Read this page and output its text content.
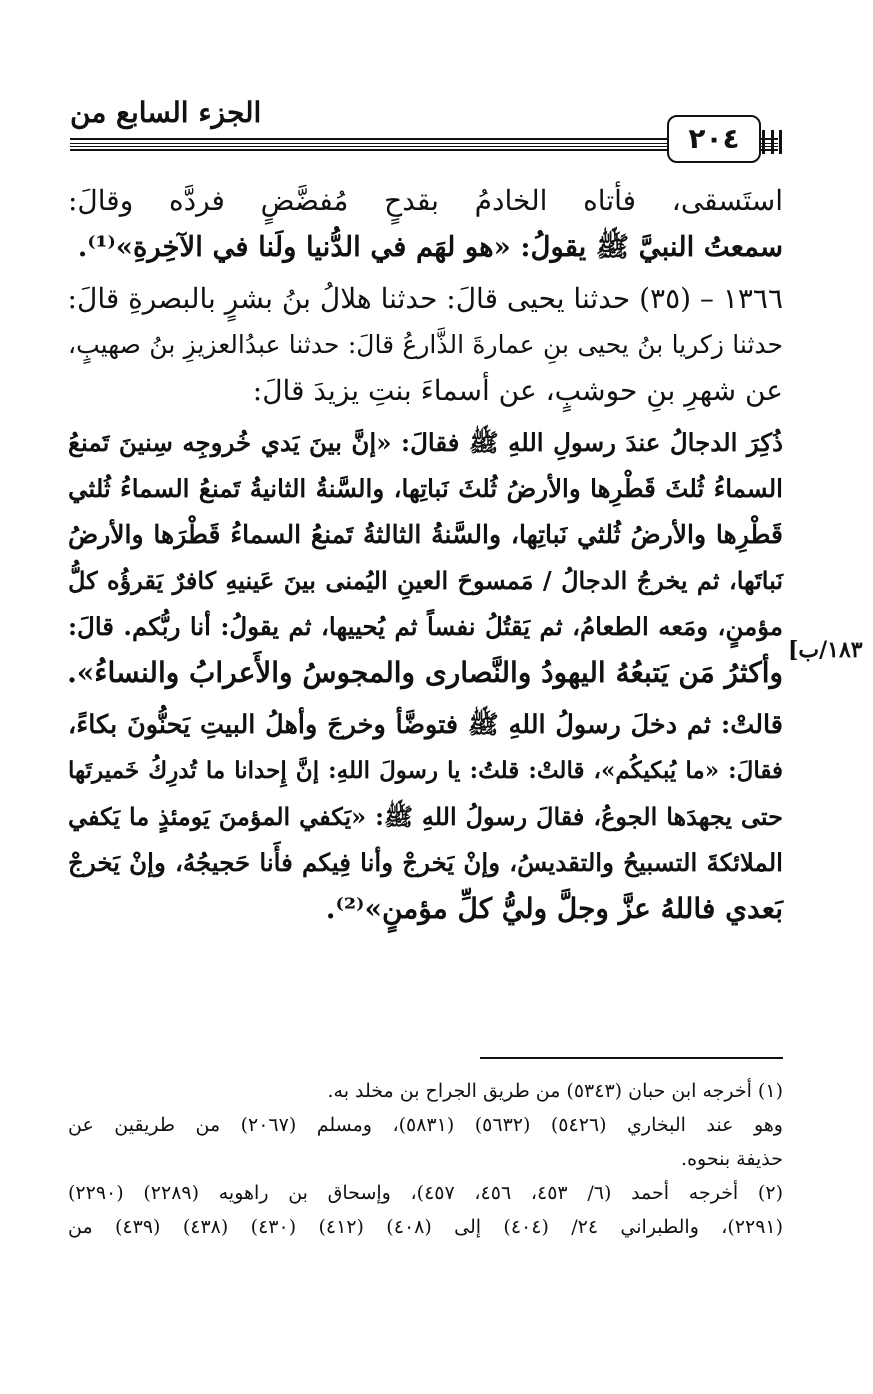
الجزء السابع من
٢٠٤

استَسقى، فأتاه الخادمُ بقدحٍ مُفضَّضٍ فردَّه وقالَ:
سمعتُ النبيَّ ﷺ يقولُ: «هو لهَم في الدُّنيا ولَنا في الآخِرةِ»⁽¹⁾.

١٣٦٦ – (٣٥) حدثنا يحيى قالَ: حدثنا هلالُ بنُ بشرٍ بالبصرةِ قالَ:
حدثنا زكريا بنُ يحيى بنِ عمارةَ الذَّارعُ قالَ: حدثنا عبدُالعزيزِ بنُ صهيبٍ،
عن شهرِ بنِ حوشبٍ، عن أسماءَ بنتِ يزيدَ قالَ:

ذُكِرَ الدجالُ عندَ رسولِ اللهِ ﷺ فقالَ: «إنَّ بينَ يَدي خُروجِه سِنينَ تَمنعُ
السماءُ ثُلثَ قَطْرِها والأرضُ ثُلثَ نَباتِها، والسَّنةُ الثانيةُ تَمنعُ السماءُ ثُلثي
قَطْرِها والأرضُ ثُلثي نَباتِها، والسَّنةُ الثالثةُ تَمنعُ السماءُ قَطْرَها والأرضُ
نَباتَها، ثم يخرجُ الدجالُ / مَمسوحَ العينِ اليُمنى بينَ عَينيهِ كافرٌ يَقرؤُه كلُّ
مؤمنٍ، ومَعه الطعامُ، ثم يَقتُلُ نفساً ثم يُحييها، ثم يقولُ: أنا ربُّكم. قالَ:
وأكثرُ مَن يَتبعُهُ اليهودُ والنَّصارى والمجوسُ والأَعرابُ والنساءُ».

قالتْ: ثم دخلَ رسولُ اللهِ ﷺ فتوضَّأ وخرجَ وأهلُ البيتِ يَحنُّونَ بكاءً،
فقالَ: «ما يُبكيكُم»، قالتْ: قلتُ: يا رسولَ اللهِ: إنَّ إِحدانا ما تُدرِكُ خَميرتَها
حتى يجهدَها الجوعُ، فقالَ رسولُ اللهِ ﷺ: «يَكفي المؤمنَ يَومئذٍ ما يَكفي
الملائكةَ التسبيحُ والتقديسُ، وإنْ يَخرجْ وأنا فِيكم فأَنا حَجيجُهُ، وإنْ يَخرجْ
بَعدي فاللهُ عزَّ وجلَّ وليُّ كلِّ مؤمنٍ»⁽²⁾.

١٨٣/ب]

(١) أخرجه ابن حبان (٥٣٤٣) من طريق الجراح بن مخلد به.
وهو عند البخاري (٥٤٢٦) (٥٦٣٢) (٥٨٣١)، ومسلم (٢٠٦٧) من طريقين عن
حذيفة بنحوه.

(٢) أخرجه أحمد (٦/ ٤٥٣، ٤٥٦، ٤٥٧)، وإسحاق بن راهويه (٢٢٨٩) (٢٢٩٠)
(٢٢٩١)، والطبراني ٢٤/ (٤٠٤) إلى (٤٠٨) (٤١٢) (٤٣٠) (٤٣٨) (٤٣٩) من
